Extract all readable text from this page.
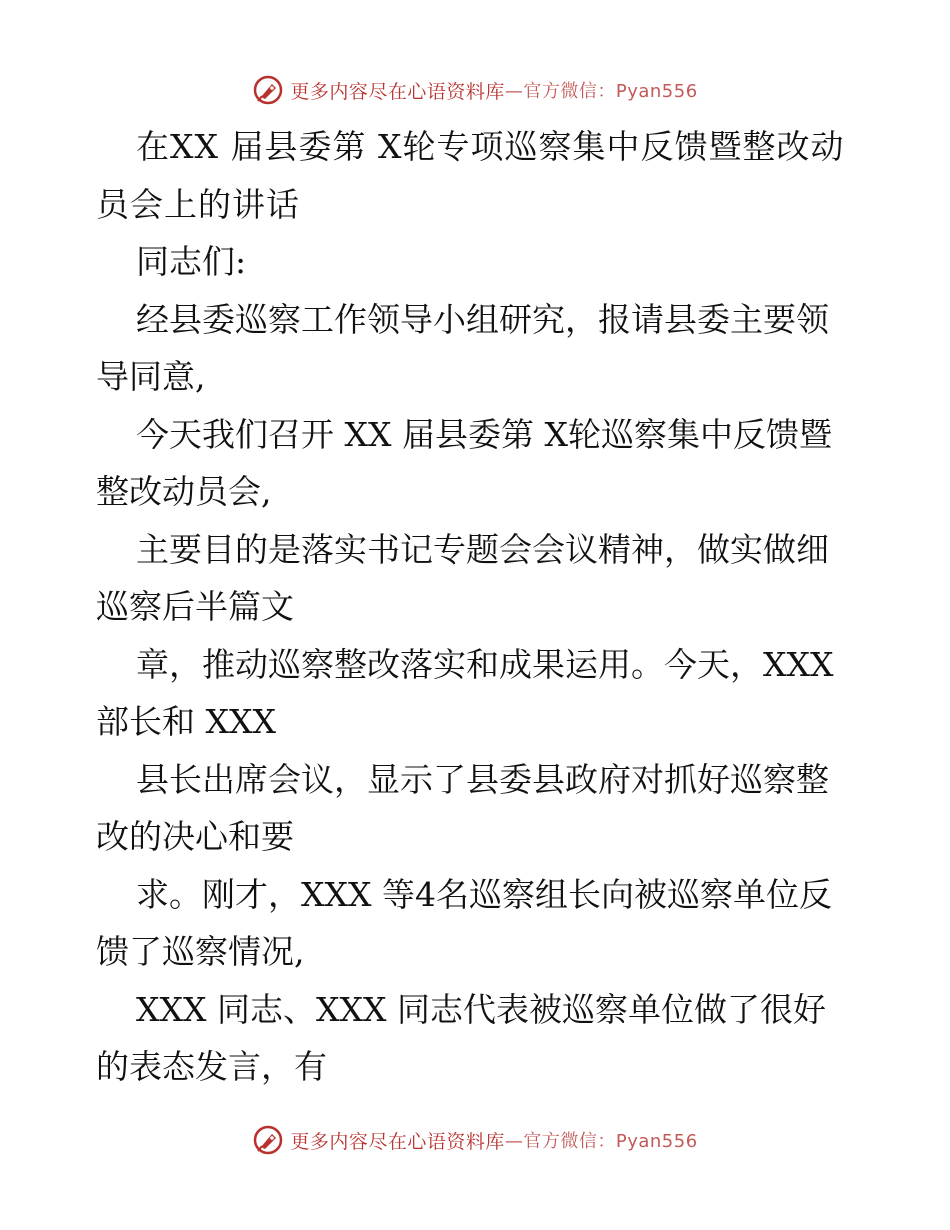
更多内容尽在心语资料库 —官方微信：Pyan556

在XX 届县委第 X轮专项巡察集中反馈暨整改动员会上的讲话

同志们:

经县委巡察工作领导小组研究，报请县委主要领导同意,

今天我们召开 XX 届县委第 X轮巡察集中反馈暨整改动员会,

主要目的是落实书记专题会会议精神，做实做细巡察后半篇文

章，推动巡察整改落实和成果运用。今天，XXX 部长和 XXX

县长出席会议，显示了县委县政府对抓好巡察整改的决心和要

求。刚才，XXX 等4名巡察组长向被巡察单位反馈了巡察情况,

XXX 同志、XXX 同志代表被巡察单位做了很好的表态发言，有

更多内容尽在心语资料库 —官方微信：Pyan556
